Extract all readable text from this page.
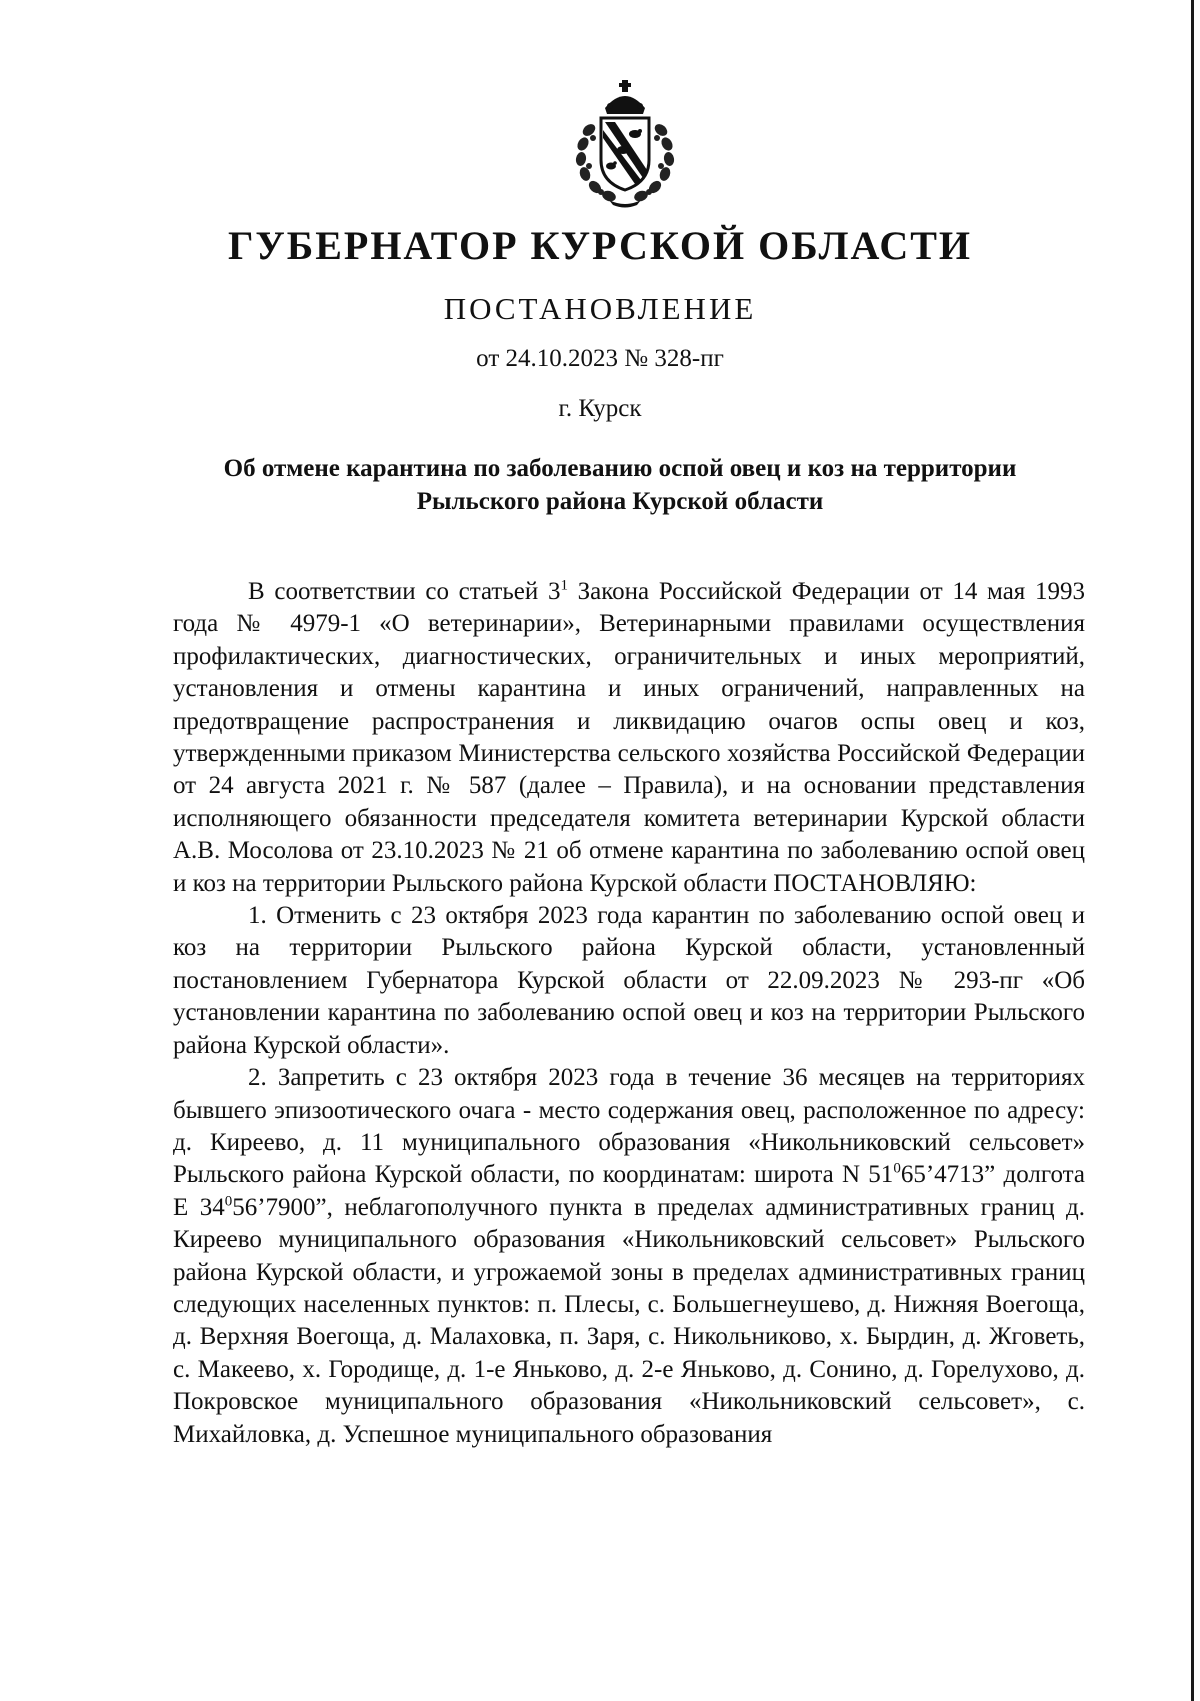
ГУБЕРНАТОР КУРСКОЙ ОБЛАСТИ
ПОСТАНОВЛЕНИЕ
от 24.10.2023 № 328-пг
г. Курск
Об отмене карантина по заболеванию оспой овец и коз на территории Рыльского района Курской области

В соответствии со статьей $3^1$ Закона Российской Федерации от 14 мая 1993 года № 4979-1 «О ветеринарии», Ветеринарными правилами осуществления профилактических, диагностических, ограничительных и иных мероприятий, установления и отмены карантина и иных ограничений, направленных на предотвращение распространения и ликвидацию очагов оспы овец и коз, утвержденными приказом Министерства сельского хозяйства Российской Федерации от 24 августа 2021 г. № 587 (далее – Правила), и на основании представления исполняющего обязанности председателя комитета ветеринарии Курской области А.В. Мосолова от 23.10.2023 № 21 об отмене карантина по заболеванию оспой овец и коз на территории Рыльского района Курской области ПОСТАНОВЛЯЮ:

1. Отменить с 23 октября 2023 года карантин по заболеванию оспой овец и коз на территории Рыльского района Курской области, установленный постановлением Губернатора Курской области от 22.09.2023 № 293-пг «Об установлении карантина по заболеванию оспой овец и коз на территории Рыльского района Курской области».

2. Запретить с 23 октября 2023 года в течение 36 месяцев на территориях бывшего эпизоотического очага - место содержания овец, расположенное по адресу: д. Киреево, д. 11 муниципального образования «Никольниковский сельсовет» Рыльского района Курской области, по координатам: широта N $51^065’4713$” долгота E $34^056’7900$”, неблагополучного пункта в пределах административных границ д. Киреево муниципального образования «Никольниковский сельсовет» Рыльского района Курской области, и угрожаемой зоны в пределах административных границ следующих населенных пунктов: п. Плесы, с. Большегнеушево, д. Нижняя Воегоща, д. Верхняя Воегоща, д. Малаховка, п. Заря, с. Никольниково, х. Бырдин, д. Жговеть, с. Макеево, х. Городище, д. 1-е Яньково, д. 2-е Яньково, д. Сонино, д. Горелухово, д. Покровское муниципального образования «Никольниковский сельсовет», с. Михайловка, д. Успешное муниципального образования
